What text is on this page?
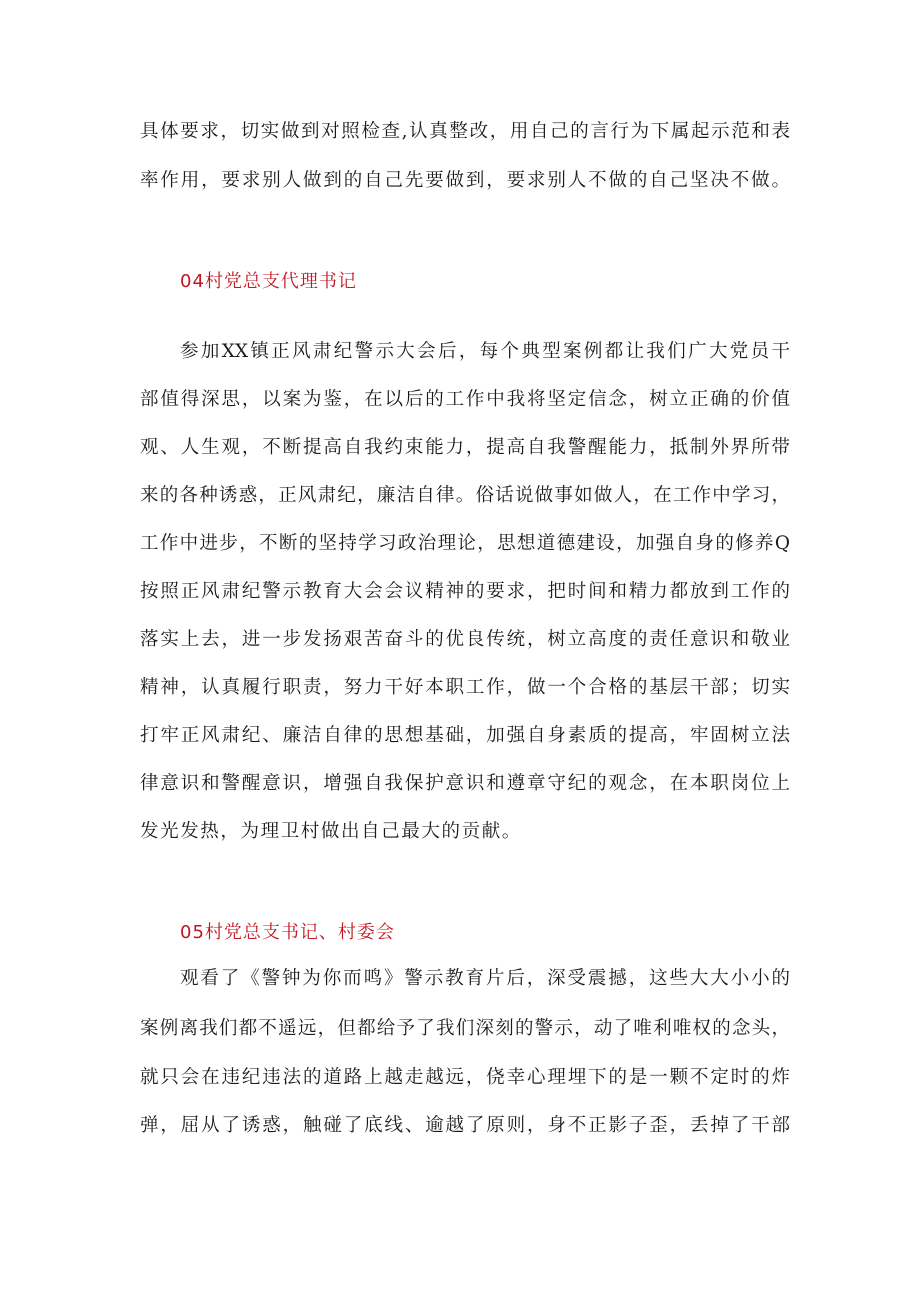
具体要求，切实做到对照检查,认真整改，用自己的言行为下属起示范和表
率作用，要求别人做到的自己先要做到，要求别人不做的自己坚决不做。
04村党总支代理书记
参加XX镇正风肃纪警示大会后，每个典型案例都让我们广大党员干
部值得深思，以案为鉴，在以后的工作中我将坚定信念，树立正确的价值
观、人生观，不断提高自我约束能力，提高自我警醒能力，抵制外界所带
来的各种诱惑，正风肃纪，廉洁自律。俗话说做事如做人，在工作中学习，
工作中进步，不断的坚持学习政治理论，思想道德建设，加强自身的修养Q
按照正风肃纪警示教育大会会议精神的要求，把时间和精力都放到工作的
落实上去，进一步发扬艰苦奋斗的优良传统，树立高度的责任意识和敬业
精神，认真履行职责，努力干好本职工作，做一个合格的基层干部；切实
打牢正风肃纪、廉洁自律的思想基础，加强自身素质的提高，牢固树立法
律意识和警醒意识，增强自我保护意识和遵章守纪的观念，在本职岗位上
发光发热，为理卫村做出自己最大的贡献。
05村党总支书记、村委会
观看了《警钟为你而鸣》警示教育片后，深受震撼，这些大大小小的
案例离我们都不遥远，但都给予了我们深刻的警示，动了唯利唯权的念头，
就只会在违纪违法的道路上越走越远，侥幸心理埋下的是一颗不定时的炸
弹，屈从了诱惑，触碰了底线、逾越了原则，身不正影子歪，丢掉了干部
